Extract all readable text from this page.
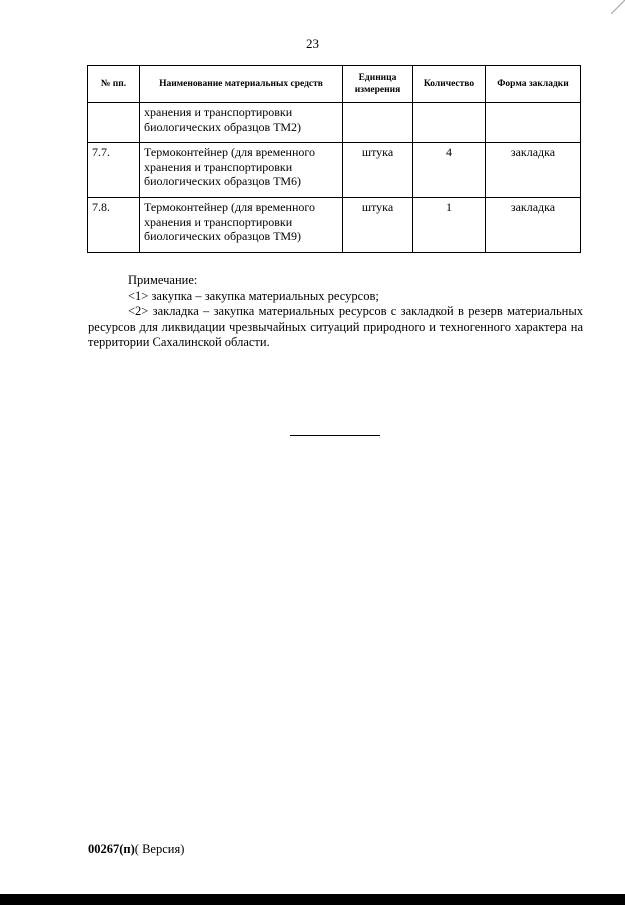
23
№ пп.	Наименование материальных средств	Единица измерения	Количество	Форма закладки
	хранения и транспортировки биологических образцов ТМ2)			
7.7.	Термоконтейнер (для временного хранения и транспортировки биологических образцов ТМ6)	штука	4	закладка
7.8.	Термоконтейнер (для временного хранения и транспортировки биологических образцов ТМ9)	штука	1	закладка

Примечание:

<1> закупка – закупка материальных ресурсов;

<2> закладка – закупка материальных ресурсов с закладкой в резерв материальных ресурсов для ликвидации чрезвычайных ситуаций природного и техногенного характера на территории Сахалинской области.

00267(п)( Версия)
